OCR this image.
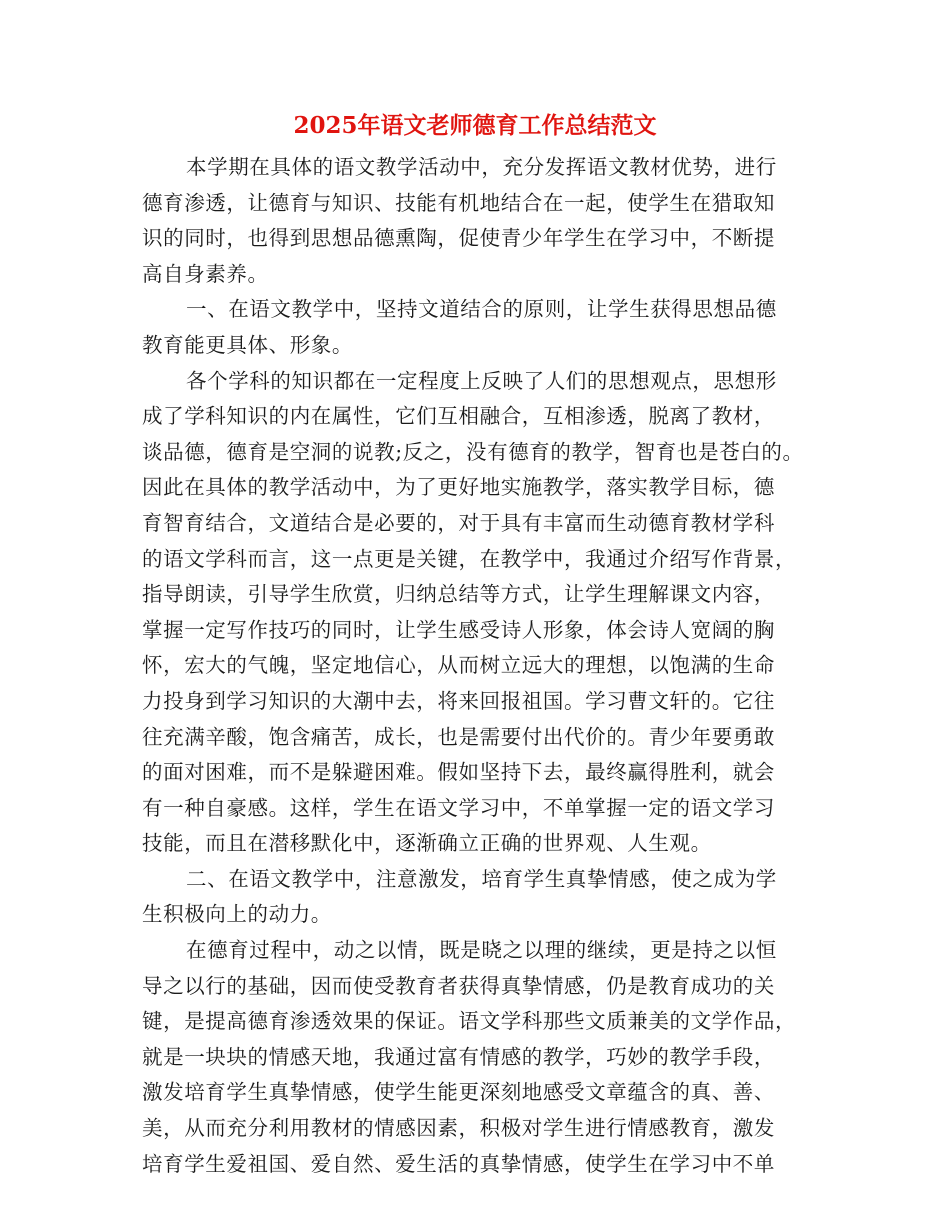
2025年语文老师德育工作总结范文
本学期在具体的语文教学活动中，充分发挥语文教材优势，进行
德育渗透，让德育与知识、技能有机地结合在一起，使学生在猎取知
识的同时，也得到思想品德熏陶，促使青少年学生在学习中，不断提
高自身素养。
一、在语文教学中，坚持文道结合的原则，让学生获得思想品德
教育能更具体、形象。
各个学科的知识都在一定程度上反映了人们的思想观点，思想形
成了学科知识的内在属性，它们互相融合，互相渗透，脱离了教材，
谈品德，德育是空洞的说教;反之，没有德育的教学，智育也是苍白的。
因此在具体的教学活动中，为了更好地实施教学，落实教学目标，德
育智育结合，文道结合是必要的，对于具有丰富而生动德育教材学科
的语文学科而言，这一点更是关键，在教学中，我通过介绍写作背景，
指导朗读，引导学生欣赏，归纳总结等方式，让学生理解课文内容，
掌握一定写作技巧的同时，让学生感受诗人形象，体会诗人宽阔的胸
怀，宏大的气魄，坚定地信心，从而树立远大的理想，以饱满的生命
力投身到学习知识的大潮中去，将来回报祖国。学习曹文轩的。它往
往充满辛酸，饱含痛苦，成长，也是需要付出代价的。青少年要勇敢
的面对困难，而不是躲避困难。假如坚持下去，最终赢得胜利，就会
有一种自豪感。这样，学生在语文学习中，不单掌握一定的语文学习
技能，而且在潜移默化中，逐渐确立正确的世界观、人生观。
二、在语文教学中，注意激发，培育学生真挚情感，使之成为学
生积极向上的动力。
在德育过程中，动之以情，既是晓之以理的继续，更是持之以恒
导之以行的基础，因而使受教育者获得真挚情感，仍是教育成功的关
键，是提高德育渗透效果的保证。语文学科那些文质兼美的文学作品，
就是一块块的情感天地，我通过富有情感的教学，巧妙的教学手段，
激发培育学生真挚情感，使学生能更深刻地感受文章蕴含的真、善、
美，从而充分利用教材的情感因素，积极对学生进行情感教育，激发
培育学生爱祖国、爱自然、爱生活的真挚情感，使学生在学习中不单
